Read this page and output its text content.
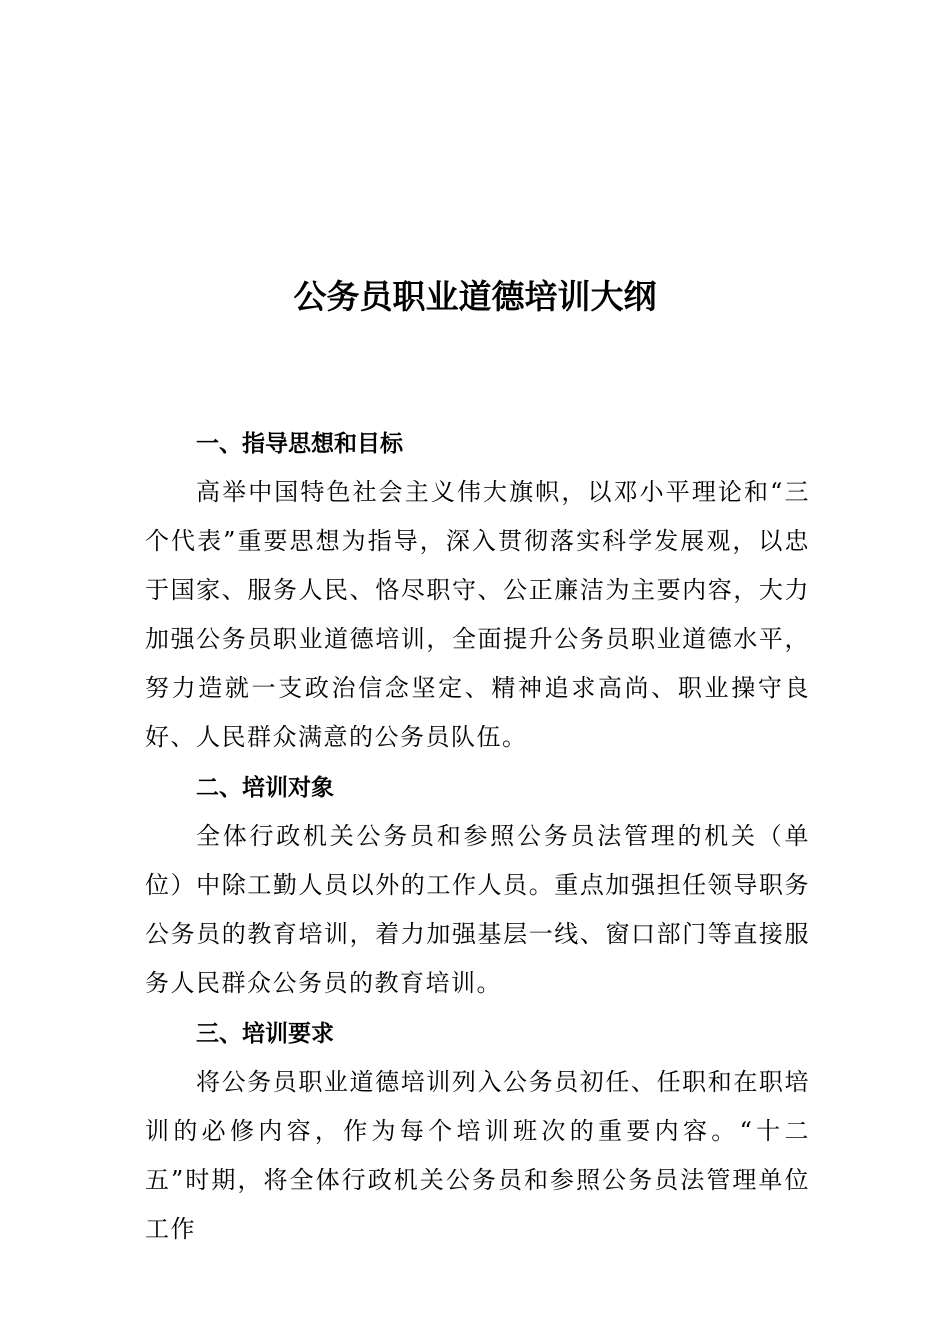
公务员职业道德培训大纲
一、指导思想和目标
高举中国特色社会主义伟大旗帜，以邓小平理论和“三个代表”重要思想为指导，深入贯彻落实科学发展观，以忠于国家、服务人民、恪尽职守、公正廉洁为主要内容，大力加强公务员职业道德培训，全面提升公务员职业道德水平，努力造就一支政治信念坚定、精神追求高尚、职业操守良好、人民群众满意的公务员队伍。
二、培训对象
全体行政机关公务员和参照公务员法管理的机关（单位）中除工勤人员以外的工作人员。重点加强担任领导职务公务员的教育培训，着力加强基层一线、窗口部门等直接服务人民群众公务员的教育培训。
三、培训要求
将公务员职业道德培训列入公务员初任、任职和在职培训的必修内容，作为每个培训班次的重要内容。“十二五”时期，将全体行政机关公务员和参照公务员法管理单位工作
